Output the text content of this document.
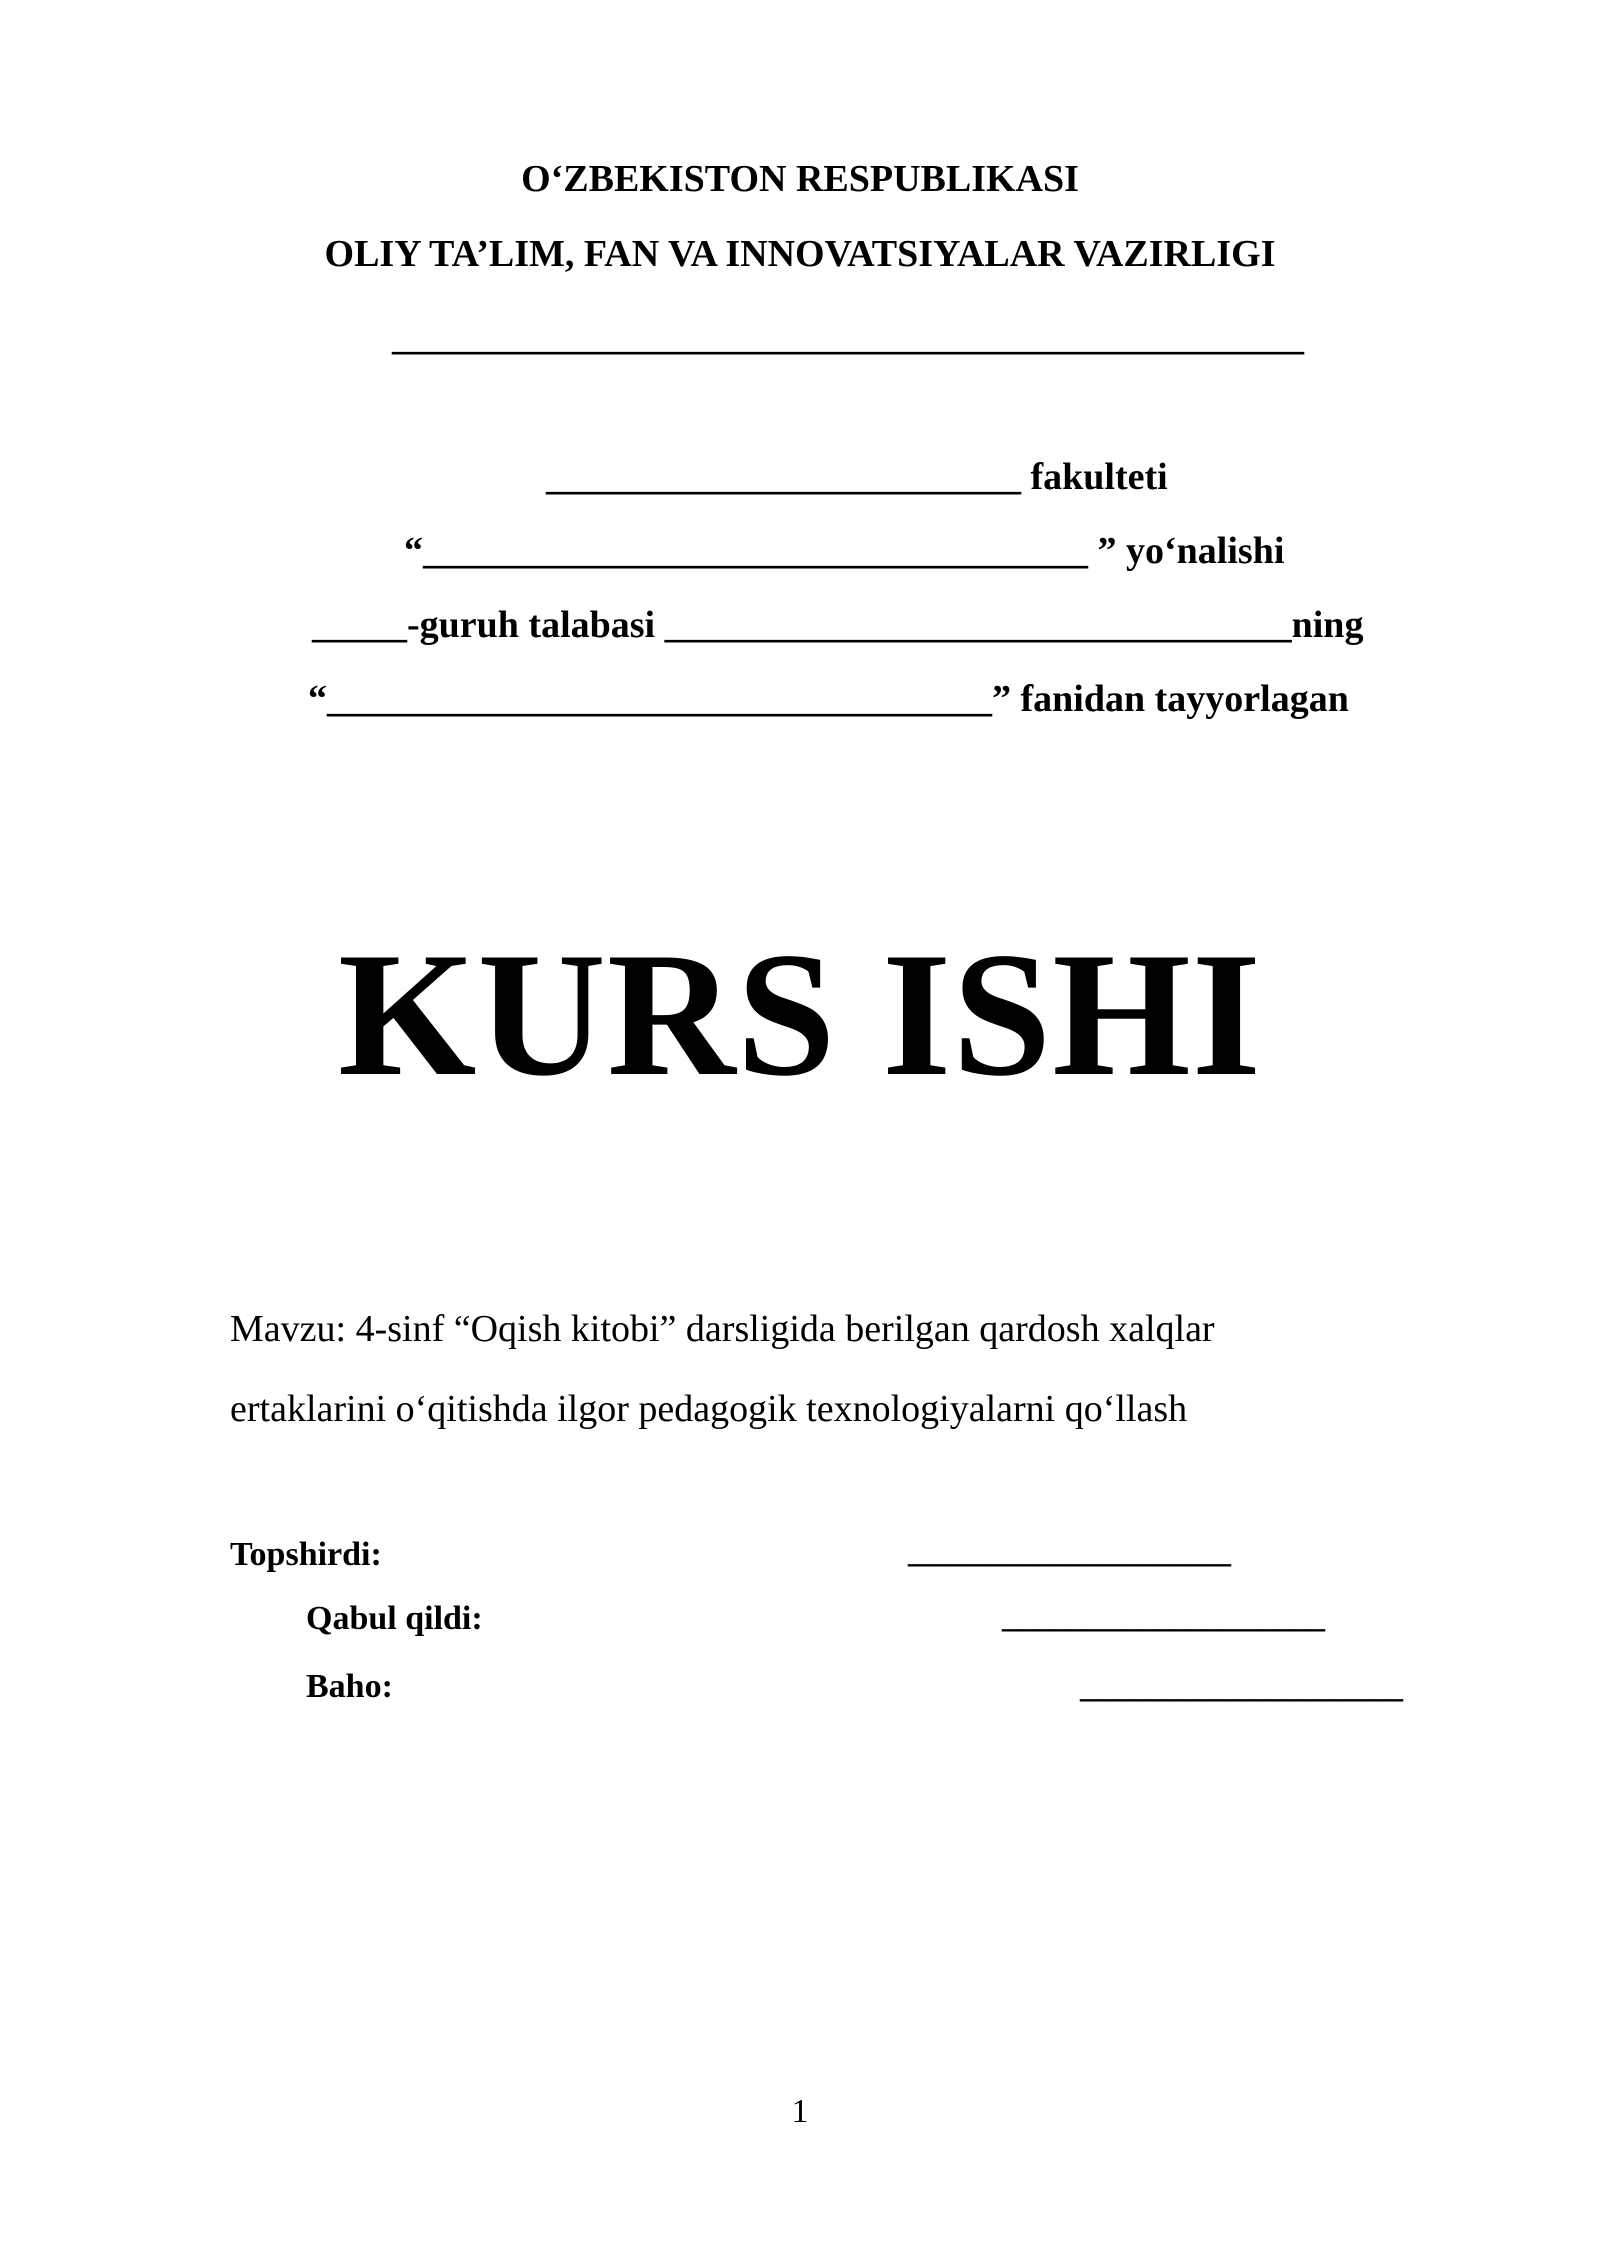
O‘ZBEKISTON RESPUBLIKASI
OLIY TA’LIM, FAN VA INNOVATSIYALAR VAZIRLIGI
________________________________________________
_________________________ fakulteti
“___________________________________ ” yo‘nalishi
_____-guruh talabasi _________________________________ning
“___________________________________” fanidan tayyorlagan
KURS ISHI
Mavzu: 4-sinf “Oqish kitobi” darsligida berilgan qardosh xalqlar
ertaklarini o‘qitishda ilgor pedagogik texnologiyalarni qo‘llash
Topshirdi:	___________________
Qabul qildi:	___________________
Baho:	___________________
1
